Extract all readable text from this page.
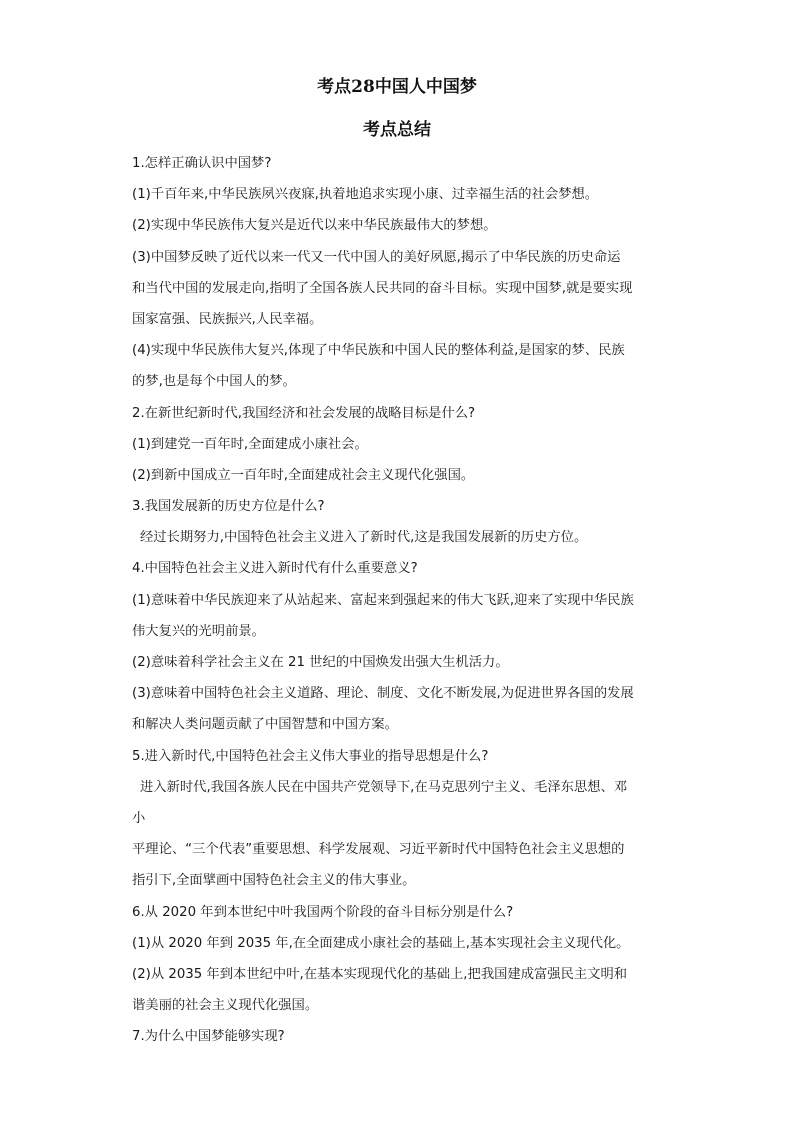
考点28中国人中国梦
考点总结
1.怎样正确认识中国梦?
(1)千百年来,中华民族夙兴夜寐,执着地追求实现小康、过幸福生活的社会梦想。
(2)实现中华民族伟大复兴是近代以来中华民族最伟大的梦想。
(3)中国梦反映了近代以来一代又一代中国人的美好夙愿,揭示了中华民族的历史命运
和当代中国的发展走向,指明了全国各族人民共同的奋斗目标。实现中国梦,就是要实现
国家富强、民族振兴,人民幸福。
(4)实现中华民族伟大复兴,体现了中华民族和中国人民的整体利益,是国家的梦、民族
的梦,也是每个中国人的梦。
2.在新世纪新时代,我国经济和社会发展的战略目标是什么?
(1)到建党一百年时,全面建成小康社会。
(2)到新中国成立一百年时,全面建成社会主义现代化强国。
3.我国发展新的历史方位是什么?
经过长期努力,中国特色社会主义进入了新时代,这是我国发展新的历史方位。
4.中国特色社会主义进入新时代有什么重要意义?
(1)意味着中华民族迎来了从站起来、富起来到强起来的伟大飞跃,迎来了实现中华民族
伟大复兴的光明前景。
(2)意味着科学社会主义在 21 世纪的中国焕发出强大生机活力。
(3)意味着中国特色社会主义道路、理论、制度、文化不断发展,为促进世界各国的发展
和解决人类问题贡献了中国智慧和中国方案。
5.进入新时代,中国特色社会主义伟大事业的指导思想是什么?
进入新时代,我国各族人民在中国共产党领导下,在马克思列宁主义、毛泽东思想、邓
小
平理论、“三个代表”重要思想、科学发展观、习近平新时代中国特色社会主义思想的
指引下,全面擘画中国特色社会主义的伟大事业。
6.从 2020 年到本世纪中叶我国两个阶段的奋斗目标分别是什么?
(1)从 2020 年到 2035 年,在全面建成小康社会的基础上,基本实现社会主义现代化。
(2)从 2035 年到本世纪中叶,在基本实现现代化的基础上,把我国建成富强民主文明和
谐美丽的社会主义现代化强国。
7.为什么中国梦能够实现?
